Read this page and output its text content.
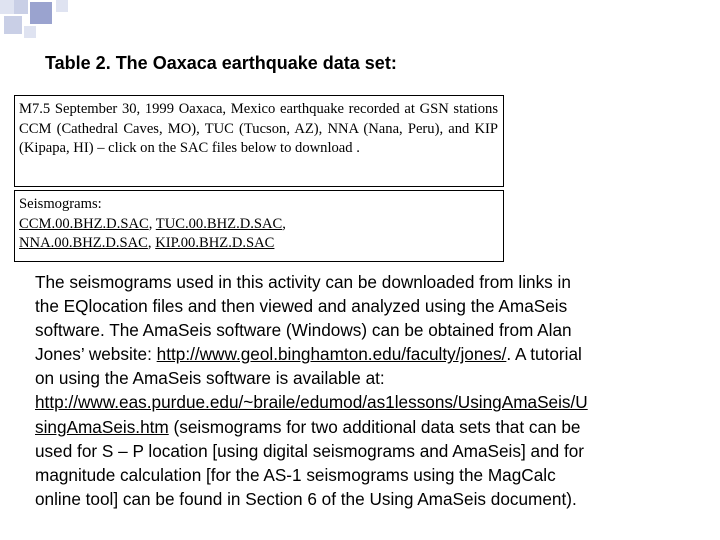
Table 2. The Oaxaca earthquake data set:

M7.5 September 30, 1999 Oaxaca, Mexico earthquake recorded at GSN stations CCM (Cathedral Caves, MO), TUC (Tucson, AZ), NNA (Nana, Peru), and KIP (Kipapa, HI) – click on the SAC files below to download .

Seismograms:
CCM.00.BHZ.D.SAC, TUC.00.BHZ.D.SAC,
NNA.00.BHZ.D.SAC, KIP.00.BHZ.D.SAC
The seismograms used in this activity can be downloaded from links in
the EQlocation files and then viewed and analyzed using the AmaSeis
software. The AmaSeis software (Windows) can be obtained from Alan
Jones’ website: http://www.geol.binghamton.edu/faculty/jones/. A tutorial
on using the AmaSeis software is available at:
http://www.eas.purdue.edu/~braile/edumod/as1lessons/UsingAmaSeis/U
singAmaSeis.htm (seismograms for two additional data sets that can be
used for S – P location [using digital seismograms and AmaSeis] and for
magnitude calculation [for the AS-1 seismograms using the MagCalc
online tool] can be found in Section 6 of the Using AmaSeis document).
